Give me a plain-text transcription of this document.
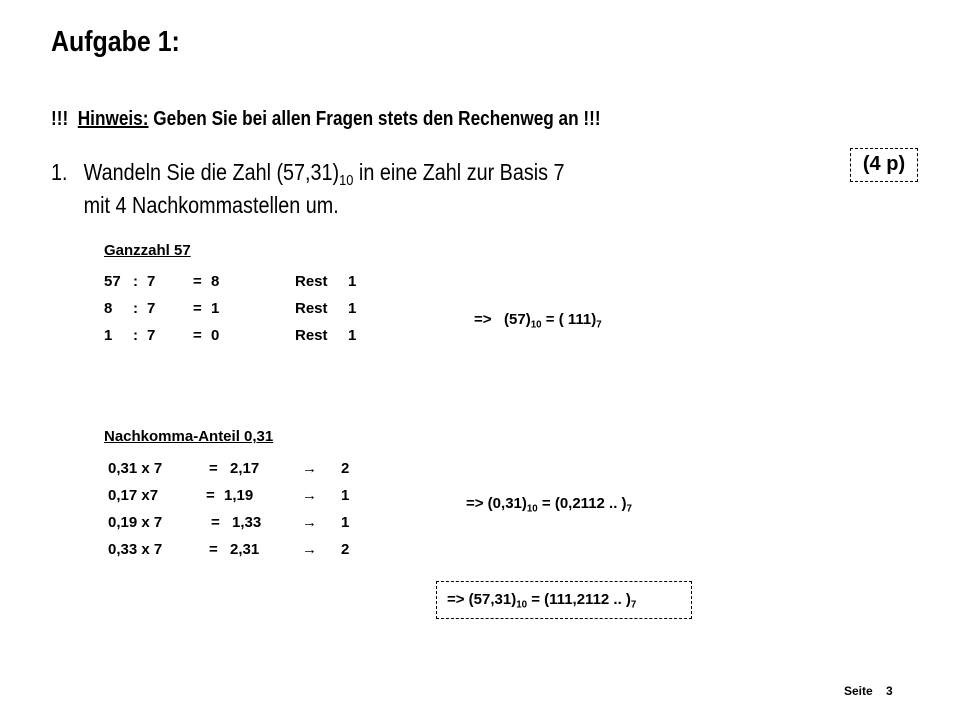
Aufgabe 1:
!!! Hinweis: Geben Sie bei allen Fragen stets den Rechenweg an !!!
1. Wandeln Sie die Zahl $(57,31)_{10}$ in eine Zahl zur Basis 7
mit 4 Nachkommastellen um.
(4 p)
Ganzzahl 57
57 : 7	= 8	Rest 1
8 : 7	= 1	Rest 1
1 : 7	= 0	Rest 1
=> $(57)_{10}$ = ( $111)_7$
Nachkomma-Anteil 0,31
0,31 x 7	= 2,17	→ 2
0,17 x7	= 1,19	→ 1
0,19 x 7	= 1,33	→ 1
0,33 x 7	= 2,31	→ 2
=> $(0,31)_{10} = (0,2112$ .. )$_7$
=> $(57,31)_{10} = (111,2112$ .. )$_7$
Seite 3
